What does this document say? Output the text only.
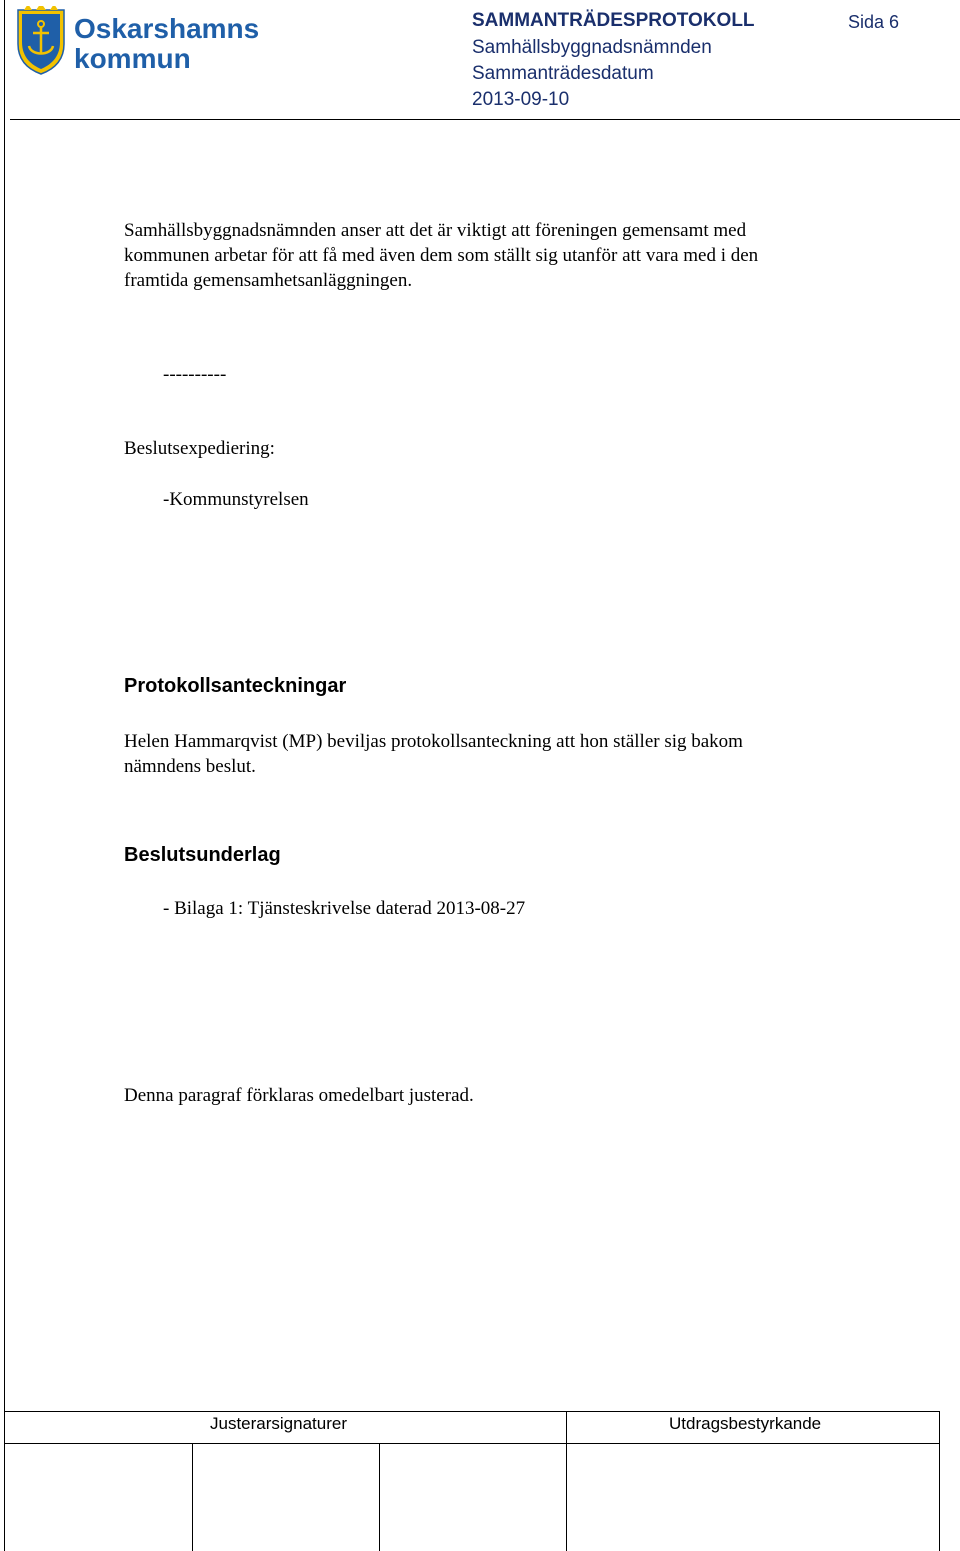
Oskarshamns
kommun
SAMMANTRÄDESPROTOKOLL	Sida 6
Samhällsbyggnadsnämnden
Sammanträdesdatum
2013-09-10
Samhällsbyggnadsnämnden anser att det är viktigt att föreningen gemensamt med
kommunen arbetar för att få med även dem som ställt sig utanför att vara med i den
framtida gemensamhetsanläggningen.
----------
Beslutsexpediering:
-Kommunstyrelsen
Protokollsanteckningar
Helen Hammarqvist (MP) beviljas protokollsanteckning att hon ställer sig bakom
nämndens beslut.
Beslutsunderlag
- Bilaga 1: Tjänsteskrivelse daterad 2013-08-27
Denna paragraf förklaras omedelbart justerad.
Justerarsignaturer	Utdragsbestyrkande
